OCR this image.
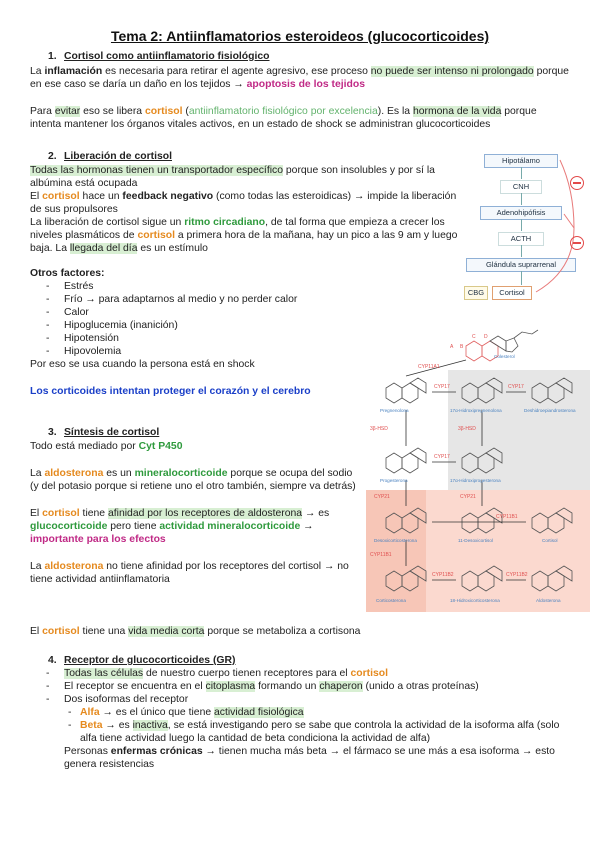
Tema 2: Antiinflamatorios esteroideos (glucocorticoides)
1. Cortisol como antiinflamatorio fisiológico

La inflamación es necesaria para retirar el agente agresivo, ese proceso no puede ser intenso ni prolongado porque en ese caso se daría un daño en los tejidos → apoptosis de los tejidos

Para evitar eso se libera cortisol (antiinflamatorio fisiológico por excelencia). Es la hormona de la vida porque intenta mantener los órganos vitales activos, en un estado de shock se administran glucocorticoides

2. Liberación de cortisol

Todas las hormonas tienen un transportador específico porque son insolubles y por sí la albúmina está ocupada

El cortisol hace un feedback negativo (como todas las esteroidicas) → impide la liberación de sus propulsores

La liberación de cortisol sigue un ritmo circadiano, de tal forma que empieza a crecer los niveles plasmáticos de cortisol a primera hora de la mañana, hay un pico a las 9 am y luego baja. La llegada del día es un estímulo

Otros factores:

- Estrés
- Frío → para adaptarnos al medio y no perder calor
- Calor
- Hipoglucemia (inanición)
- Hipotensión
- Hipovolemia

Por eso se usa cuando la persona está en shock

Los corticoides intentan proteger el corazón y el cerebro

Hipotálamo
CNH
Adenohipófisis
ACTH
Glándula suprarrenal
CBG	Cortisol
A B
C D
CYP11A1
CYP17	CYP17
3β-HSD	3β-HSD
CYP17
CYP21	CYP21
CYP11B1
CYP11B1
CYP11B2	CYP11B2
Colesterol
Pregnenolona	17α-Hidroxipregnenolona	Deshidroepiandrosterona
Progesterona	17α-Hidroxiprogesterona
Desoxicorticosterona	11-Desoxicortisol	Cortisol
Corticosterona	18-Hidroxicorticosterona	Aldosterona
3. Síntesis de cortisol

Todo está mediado por Cyt P450

La aldosterona es un mineralocorticoide porque se ocupa del sodio (y del potasio porque si retiene uno el otro también, siempre va detrás)

El cortisol tiene afinidad por los receptores de aldosterona → es glucocorticoide pero tiene actividad mineralocorticoide → importante para los efectos

La aldosterona no tiene afinidad por los receptores del cortisol → no tiene actividad antiinflamatoria

El cortisol tiene una vida media corta porque se metaboliza a cortisona

4. Receptor de glucocorticoides (GR)
- Todas las células de nuestro cuerpo tienen receptores para el cortisol
- El receptor se encuentra en el citoplasma formando un chaperon (unido a otras proteínas)
- Dos isoformas del receptor
- Alfa → es el único que tiene actividad fisiológica
- Beta → es inactiva, se está investigando pero se sabe que controla la actividad de la isoforma alfa (solo alfa tiene actividad luego la cantidad de beta condiciona la actividad de alfa)

Personas enfermas crónicas → tienen mucha más beta → el fármaco se une más a esa isoforma → esto genera resistencias
